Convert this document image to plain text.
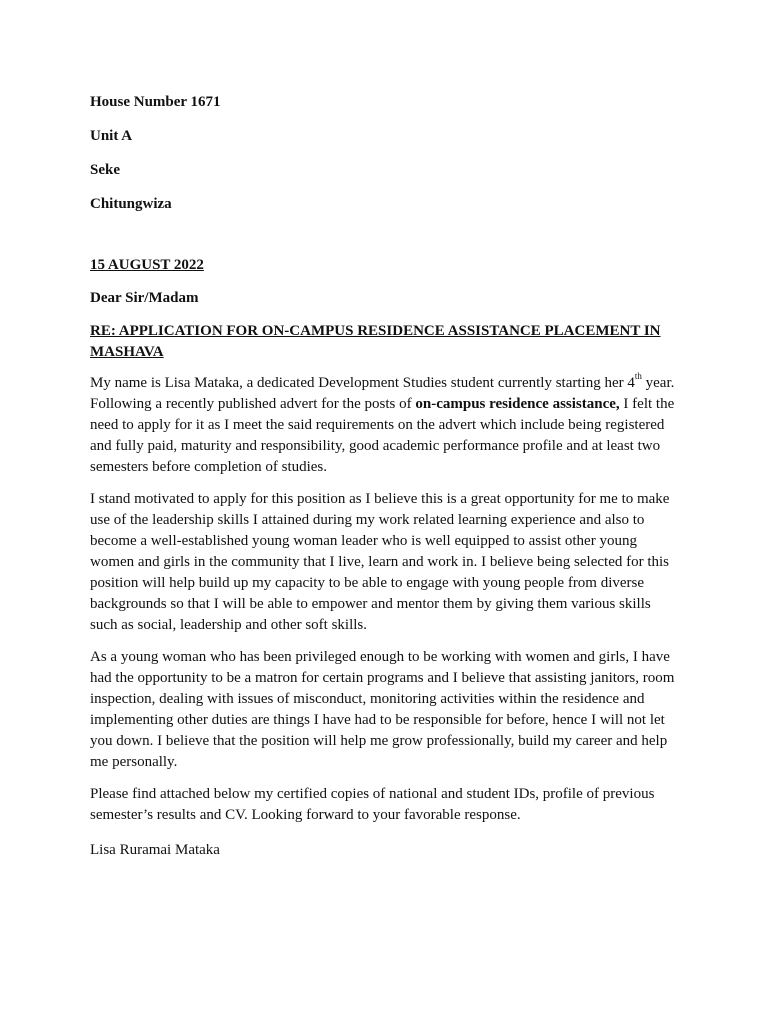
House Number 1671
Unit A
Seke
Chitungwiza
15 AUGUST 2022
Dear Sir/Madam
RE: APPLICATION FOR ON-CAMPUS RESIDENCE ASSISTANCE PLACEMENT IN MASHAVA

My name is Lisa Mataka, a dedicated Development Studies student currently starting her 4th year. Following a recently published advert for the posts of on-campus residence assistance, I felt the need to apply for it as I meet the said requirements on the advert which include being registered and fully paid, maturity and responsibility, good academic performance profile and at least two semesters before completion of studies.

I stand motivated to apply for this position as I believe this is a great opportunity for me to make use of the leadership skills I attained during my work related learning experience and also to become a well-established young woman leader who is well equipped to assist other young women and girls in the community that I live, learn and work in. I believe being selected for this position will help build up my capacity to be able to engage with young people from diverse backgrounds so that I will be able to empower and mentor them by giving them various skills such as social, leadership and other soft skills.

As a young woman who has been privileged enough to be working with women and girls, I have had the opportunity to be a matron for certain programs and I believe that assisting janitors, room inspection, dealing with issues of misconduct, monitoring activities within the residence and implementing other duties are things I have had to be responsible for before, hence I will not let you down. I believe that the position will help me grow professionally, build my career and help me personally.

Please find attached below my certified copies of national and student IDs, profile of previous semester’s results and CV. Looking forward to your favorable response.

Lisa Ruramai Mataka
